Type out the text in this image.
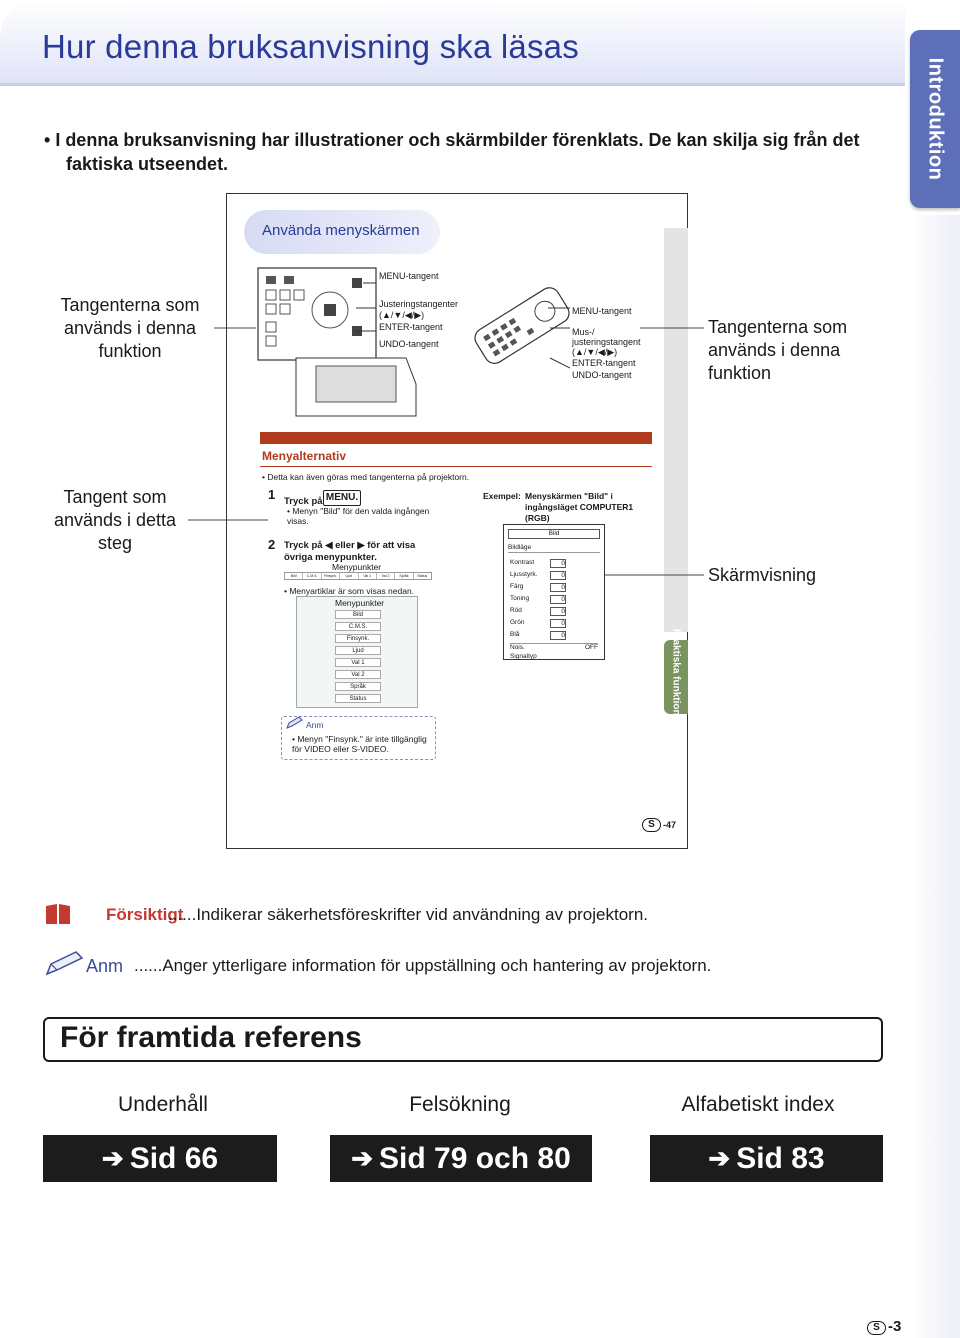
Hur denna bruksanvisning ska läsas
Introduktion
• I denna bruksanvisning har illustrationer och skärmbilder förenklats. De kan skilja sig från det faktiska utseendet.
Använda menyskärmen
Praktiska funktioner
MENU-tangent
Justeringstangenter
(▲/▼/◀/▶)
ENTER-tangent
UNDO-tangent
MENU-tangent
Mus-/
justeringstangent
(▲/▼/◀/▶)
ENTER-tangent
UNDO-tangent
Menyalternativ
• Detta kan även göras med tangenterna på projektorn.
1 Tryck på MENU.
• Menyn "Bild" för den valda ingången visas.
2 Tryck på ◀ eller ▶ för att visa övriga menypunkter.
Menypunkter
Bild	C.M.S.	Finsynk.	Ljud	Val 1	Val 2	Språk	Status
• Menyartiklar är som visas nedan.
Menypunkter
Bild
C.M.S.
Finsynk.
Ljud
Val 1
Val 2
Språk
Status
Exempel: Menyskärmen "Bild" i
ingångsläget COMPUTER1
(RGB)
Bild
Bildläge
Kontrast	0
Ljusstyrk.	0
Färg	0
Toning	0
Röd	0
Grön	0
Blå	0
Nois.	OFF
Signaltyp
Anm
• Menyn "Finsynk." är inte tillgänglig för VIDEO eller S-VIDEO.
S -47
Tangenterna som används i denna funktion
Tangenterna som används i denna funktion
Tangent som används i detta steg
Skärmvisning
Försiktigt
......Indikerar säkerhetsföreskrifter vid användning av projektorn.
Anm ......Anger ytterligare information för uppställning och hantering av projektorn.
För framtida referens
Underhåll	Felsökning	Alfabetiskt index
➔ Sid 66	➔ Sid 79 och 80	➔ Sid 83
S -3
